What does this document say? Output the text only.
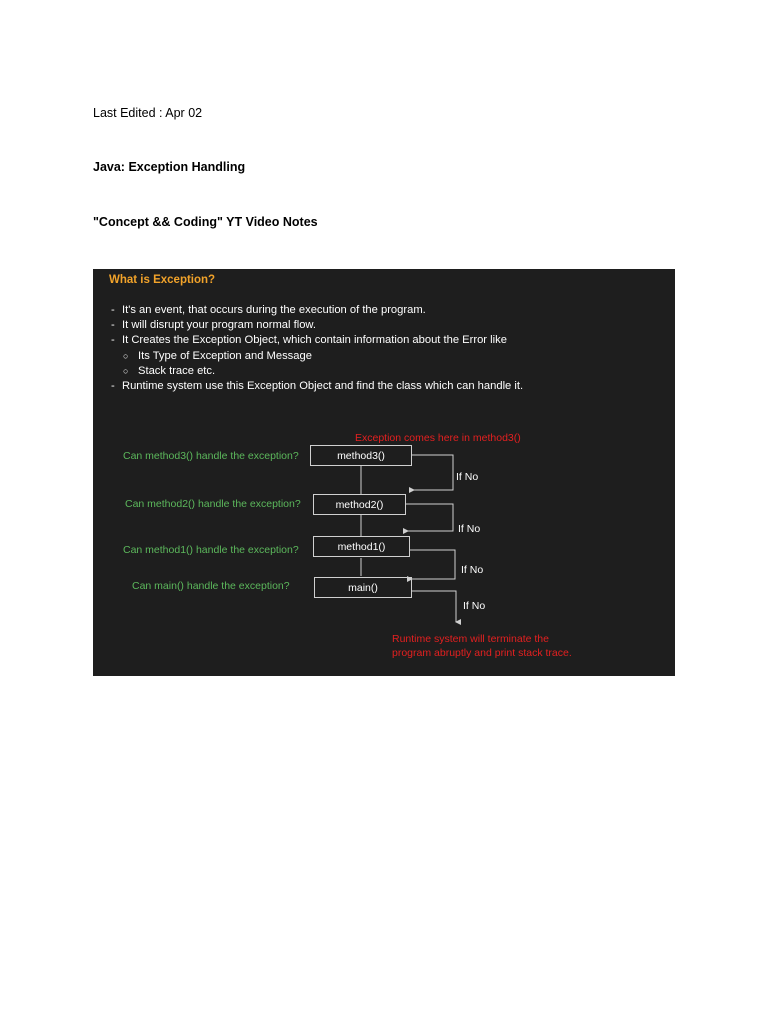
Last Edited : Apr 02
Java: Exception Handling
"Concept && Coding" YT Video Notes
What is Exception?
- It's an event, that occurs during the execution of the program.
- It will disrupt your program normal flow.
- It Creates the Exception Object, which contain information about the Error like
○ Its Type of Exception and Message
○ Stack trace etc.
- Runtime system use this Exception Object and find the class which can handle it.
Exception comes here in method3()
Can method3() handle the exception?
Can method2() handle the exception?
Can method1() handle the exception?
Can main() handle the exception?
method3()
method2()
method1()
main()
If No
If No
If No
If No
Runtime system will terminate the
program abruptly and print stack trace.
